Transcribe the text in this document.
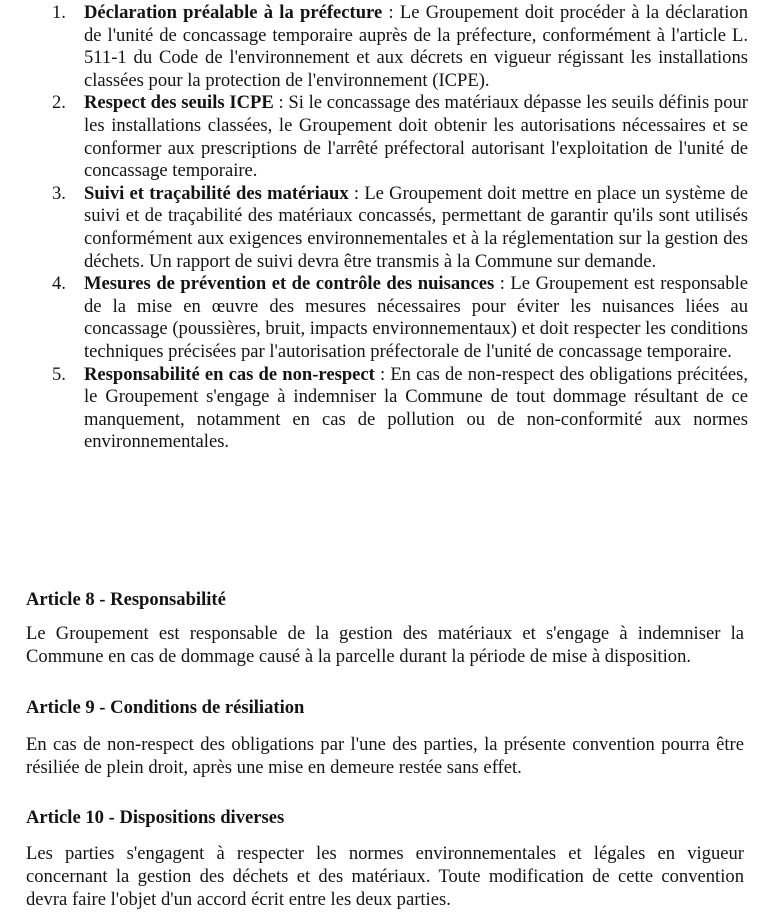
1. Déclaration préalable à la préfecture : Le Groupement doit procéder à la déclaration de l'unité de concassage temporaire auprès de la préfecture, conformément à l'article L. 511-1 du Code de l'environnement et aux décrets en vigueur régissant les installations classées pour la protection de l'environnement (ICPE).
2. Respect des seuils ICPE : Si le concassage des matériaux dépasse les seuils définis pour les installations classées, le Groupement doit obtenir les autorisations nécessaires et se conformer aux prescriptions de l'arrêté préfectoral autorisant l'exploitation de l'unité de concassage temporaire.
3. Suivi et traçabilité des matériaux : Le Groupement doit mettre en place un système de suivi et de traçabilité des matériaux concassés, permettant de garantir qu'ils sont utilisés conformément aux exigences environnementales et à la réglementation sur la gestion des déchets. Un rapport de suivi devra être transmis à la Commune sur demande.
4. Mesures de prévention et de contrôle des nuisances : Le Groupement est responsable de la mise en œuvre des mesures nécessaires pour éviter les nuisances liées au concassage (poussières, bruit, impacts environnementaux) et doit respecter les conditions techniques précisées par l'autorisation préfectorale de l'unité de concassage temporaire.
5. Responsabilité en cas de non-respect : En cas de non-respect des obligations précitées, le Groupement s'engage à indemniser la Commune de tout dommage résultant de ce manquement, notamment en cas de pollution ou de non-conformité aux normes environnementales.
Article 8 - Responsabilité

Le Groupement est responsable de la gestion des matériaux et s'engage à indemniser la Commune en cas de dommage causé à la parcelle durant la période de mise à disposition.

Article 9 - Conditions de résiliation

En cas de non-respect des obligations par l'une des parties, la présente convention pourra être résiliée de plein droit, après une mise en demeure restée sans effet.

Article 10 - Dispositions diverses

Les parties s'engagent à respecter les normes environnementales et légales en vigueur concernant la gestion des déchets et des matériaux. Toute modification de cette convention devra faire l'objet d'un accord écrit entre les deux parties.
